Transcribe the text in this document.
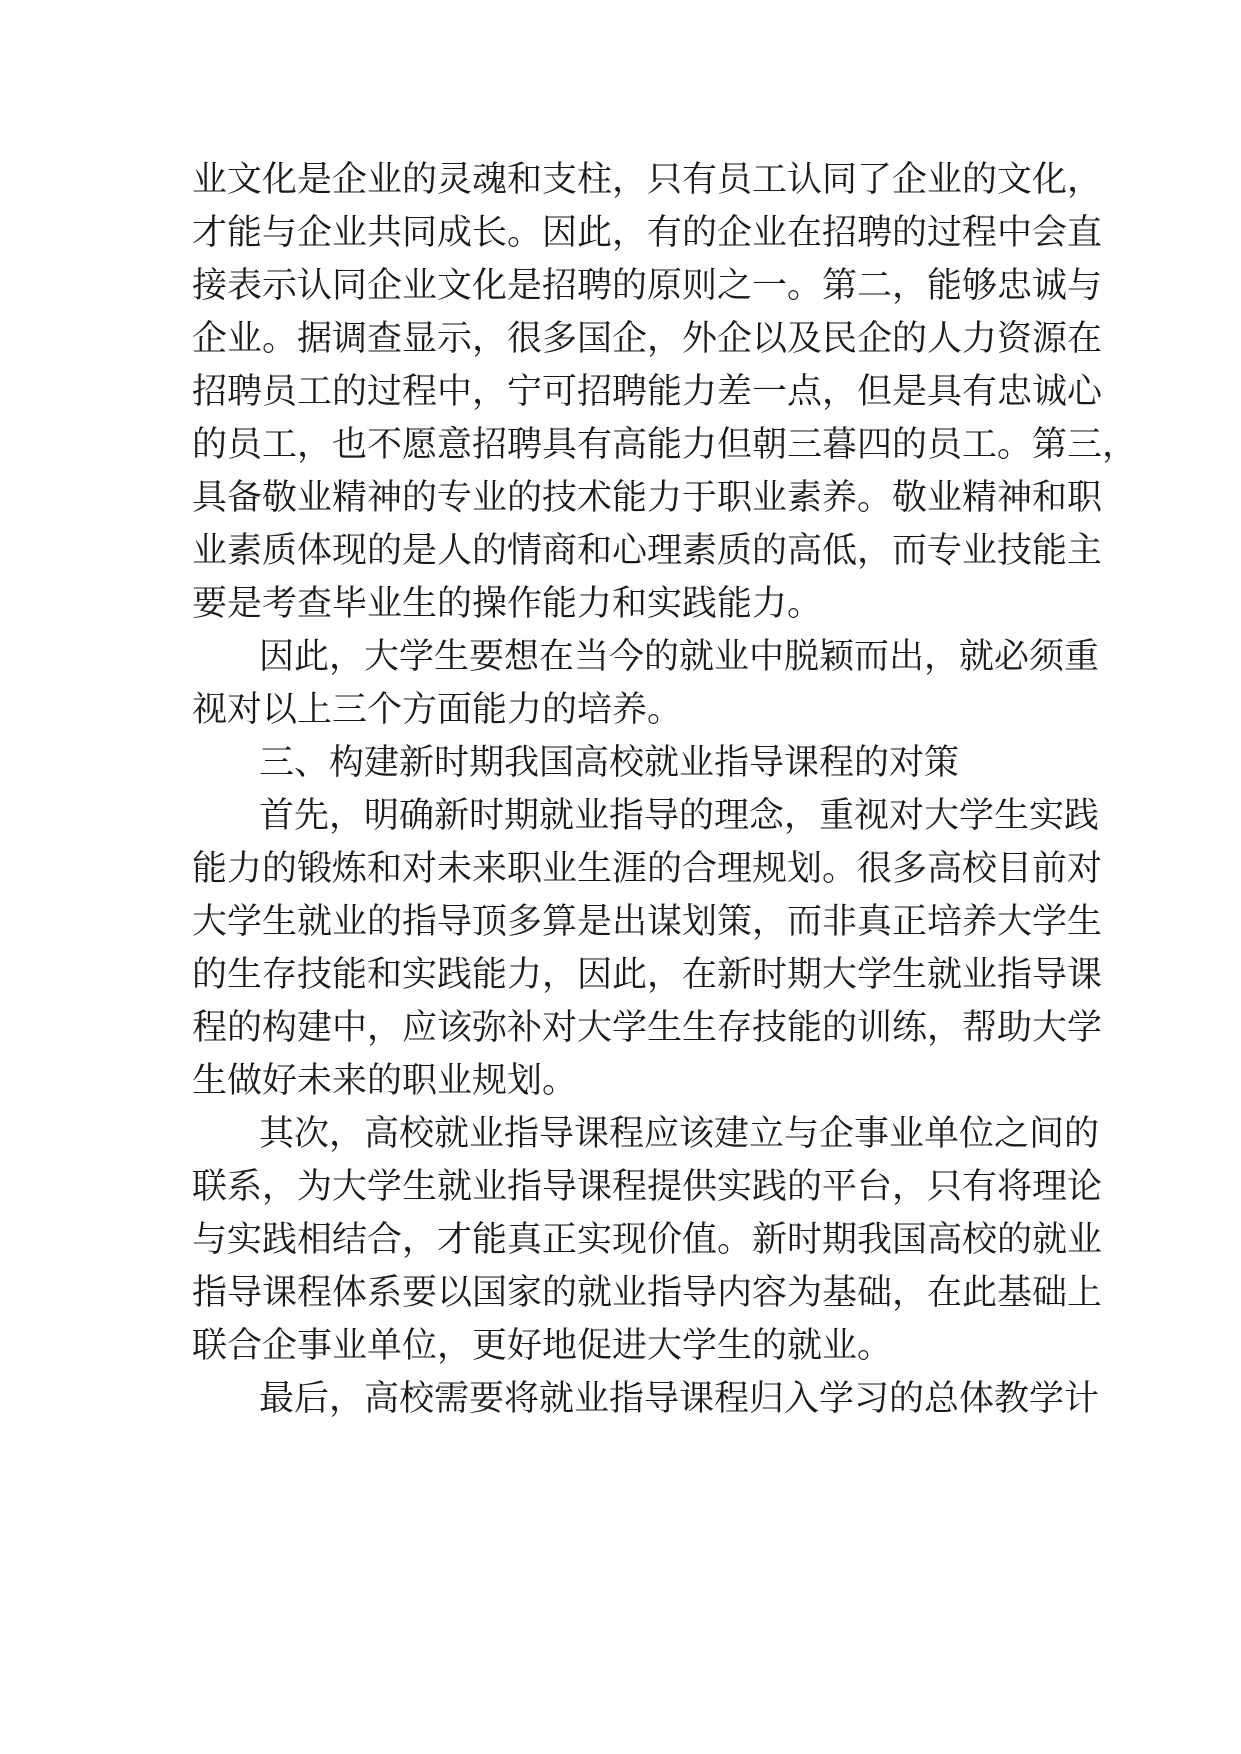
业文化是企业的灵魂和支柱，只有员工认同了企业的文化，
才能与企业共同成长。因此，有的企业在招聘的过程中会直
接表示认同企业文化是招聘的原则之一。第二，能够忠诚与
企业。据调查显示，很多国企，外企以及民企的人力资源在
招聘员工的过程中，宁可招聘能力差一点，但是具有忠诚心
的员工，也不愿意招聘具有高能力但朝三暮四的员工。第三，
具备敬业精神的专业的技术能力于职业素养。敬业精神和职
业素质体现的是人的情商和心理素质的高低，而专业技能主
要是考查毕业生的操作能力和实践能力。
因此，大学生要想在当今的就业中脱颖而出，就必须重
视对以上三个方面能力的培养。
三、构建新时期我国高校就业指导课程的对策
首先，明确新时期就业指导的理念，重视对大学生实践
能力的锻炼和对未来职业生涯的合理规划。很多高校目前对
大学生就业的指导顶多算是出谋划策，而非真正培养大学生
的生存技能和实践能力，因此，在新时期大学生就业指导课
程的构建中，应该弥补对大学生生存技能的训练，帮助大学
生做好未来的职业规划。
其次，高校就业指导课程应该建立与企事业单位之间的
联系，为大学生就业指导课程提供实践的平台，只有将理论
与实践相结合，才能真正实现价值。新时期我国高校的就业
指导课程体系要以国家的就业指导内容为基础，在此基础上
联合企事业单位，更好地促进大学生的就业。
最后，高校需要将就业指导课程归入学习的总体教学计
